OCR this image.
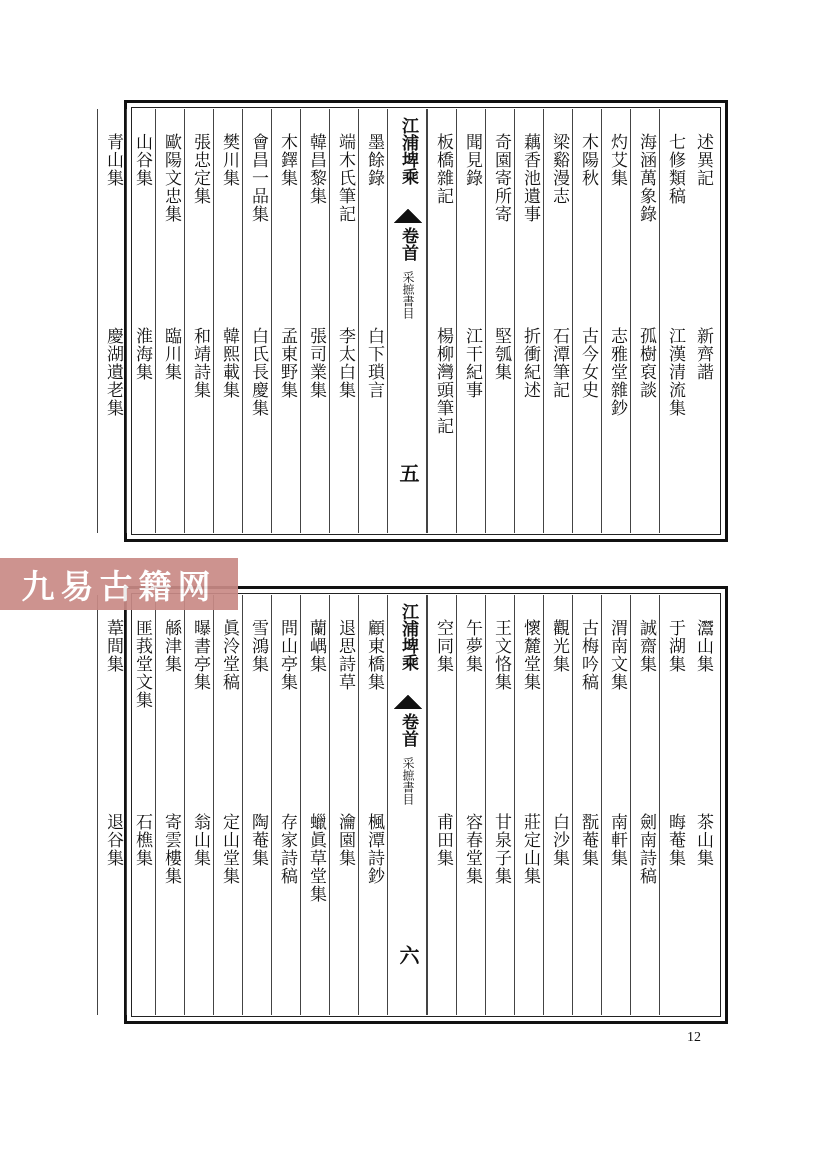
述異記
新齊諧
七修類稿
江漢清流集
海涵萬象錄
孤樹裒談
灼艾集
志雅堂雜鈔
木陽秋
古今女史
梁谿漫志
石潭筆記
藕香池遺事
折衝紀述
奇園寄所寄
堅瓠集
聞見錄
江干紀事
板橋雜記
楊柳灣頭筆記
江浦埤乘
卷首
采摭書目
五
墨餘錄
白下瑣言
端木氏筆記
李太白集
韓昌黎集
張司業集
木鐸集
孟東野集
會昌一品集
白氏長慶集
樊川集
韓熙載集
張忠定集
和靖詩集
歐陽文忠集
臨川集
山谷集
淮海集
青山集
慶湖遺老集
灊山集
茶山集
于湖集
晦菴集
誠齋集
劍南詩稿
渭南文集
南軒集
古梅吟稿
翫菴集
觀光集
白沙集
懷麓堂集
莊定山集
王文恪集
甘泉子集
午夢集
容春堂集
空同集
甫田集
江浦埤乘
卷首
采摭書目
六
顧東橋集
楓潭詩鈔
退思詩草
瀹園集
蘭嵎集
蠟眞草堂集
問山亭集
存家詩稿
雪鴻集
陶菴集
眞泠堂稿
定山堂集
曝書亭集
翁山集
緜津集
寄雲樓集
匪莪堂文集
石樵集
葦間集
退谷集
九易古籍网
12
